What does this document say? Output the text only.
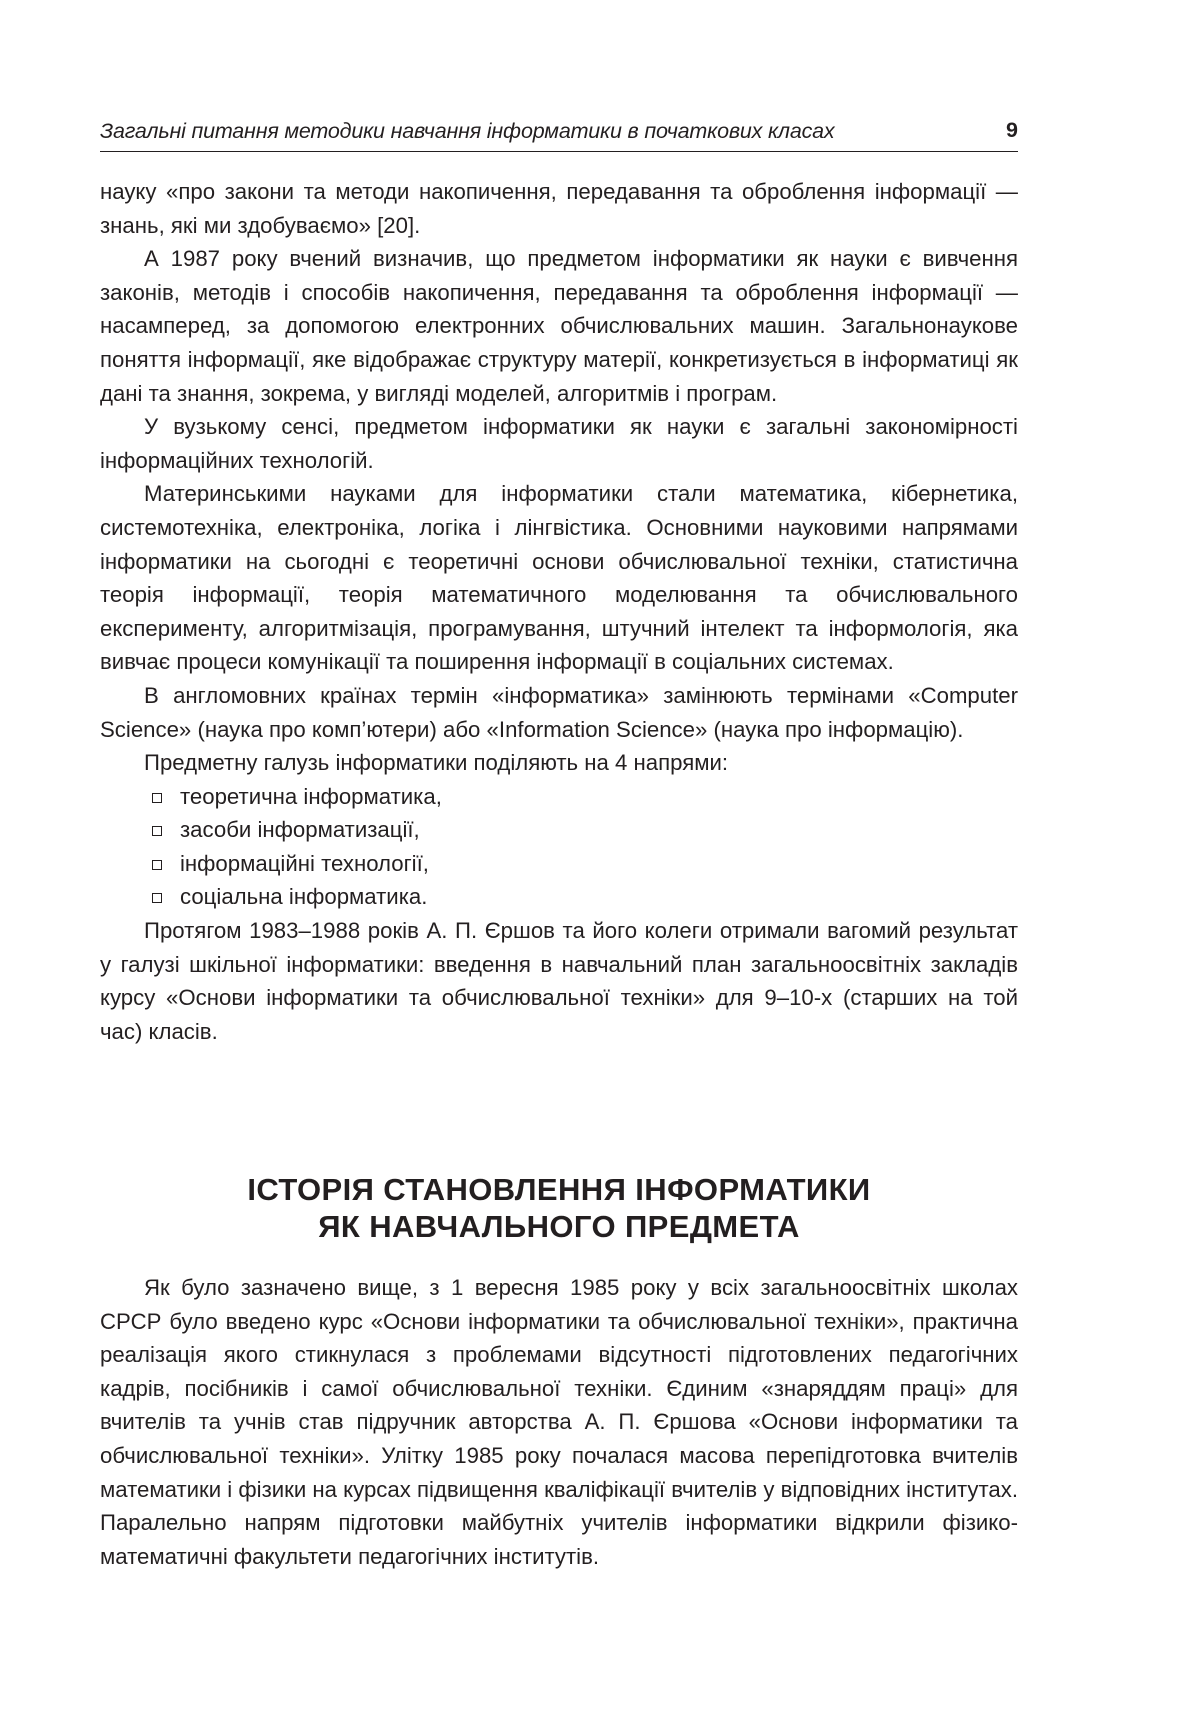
Загальні питання методики навчання інформатики в початкових класах	9

науку «про закони та методи накопичення, передавання та оброблення інформації — знань, які ми здобуваємо» [20].

А 1987 року вчений визначив, що предметом інформатики як науки є вивчення законів, методів і способів накопичення, передавання та оброблення інформації — насамперед, за допомогою електронних обчислювальних машин. Загальнонаукове поняття інформації, яке відображає структуру матерії, конкретизується в інформатиці як дані та знання, зокрема, у вигляді моделей, алгоритмів і програм.

У вузькому сенсі, предметом інформатики як науки є загальні закономірності інформаційних технологій.

Материнськими науками для інформатики стали математика, кібернетика, системотехніка, електроніка, логіка і лінгвістика. Основними науковими напрямами інформатики на сьогодні є теоретичні основи обчислювальної техніки, статистична теорія інформації, теорія математичного моделювання та обчислювального експерименту, алгоритмізація, програмування, штучний інтелект та інформологія, яка вивчає процеси комунікації та поширення інформації в соціальних системах.

В англомовних країнах термін «інформатика» замінюють термінами «Computer Science» (наука про комп’ютери) або «Information Science» (наука про інформацію).

Предметну галузь інформатики поділяють на 4 напрями:

теоретична інформатика,
засоби інформатизації,
інформаційні технології,
соціальна інформатика.

Протягом 1983–1988 років А. П. Єршов та його колеги отримали вагомий результат у галузі шкільної інформатики: введення в навчальний план загальноосвітніх закладів курсу «Основи інформатики та обчислювальної техніки» для 9–10-х (старших на той час) класів.

ІСТОРІЯ СТАНОВЛЕННЯ ІНФОРМАТИКИ
ЯК НАВЧАЛЬНОГО ПРЕДМЕТА

Як було зазначено вище, з 1 вересня 1985 року у всіх загальноосвітніх школах СРСР було введено курс «Основи інформатики та обчислювальної техніки», практична реалізація якого стикнулася з проблемами відсутності підготовлених педагогічних кадрів, посібників і самої обчислювальної техніки. Єдиним «знаряддям праці» для вчителів та учнів став підручник авторства А. П. Єршова «Основи інформатики та обчислювальної техніки». Улітку 1985 року почалася масова перепідготовка вчителів математики і фізики на курсах підвищення кваліфікації вчителів у відповідних інститутах. Паралельно напрям підготовки майбутніх учителів інформатики відкрили фізико-математичні факультети педагогічних інститутів.
